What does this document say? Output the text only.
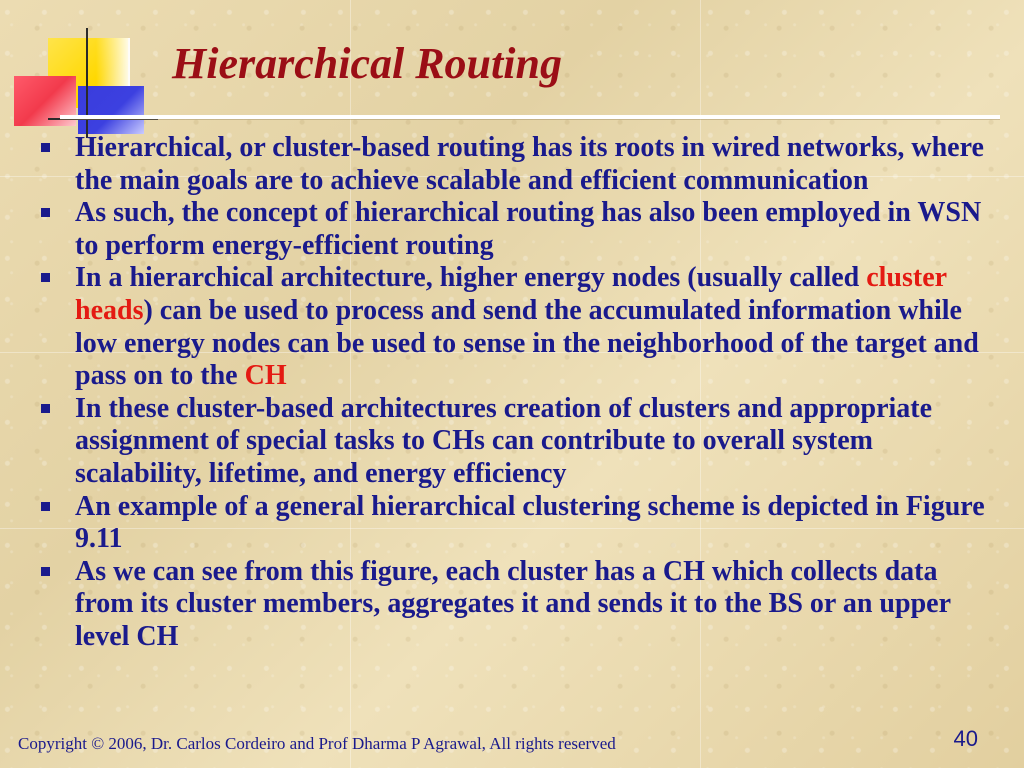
Hierarchical Routing
Hierarchical, or cluster-based routing has its roots in wired networks, where the main goals are to achieve scalable and efficient communication
As such, the concept of hierarchical routing has also been employed in WSN to perform energy-efficient routing
In a hierarchical architecture, higher energy nodes (usually called cluster heads) can be used to process and send the accumulated information while low energy nodes can be used to sense in the neighborhood of the target and pass on to the CH
In these cluster-based architectures creation of clusters and appropriate assignment of special tasks to CHs can contribute to overall system scalability, lifetime, and energy efficiency
An example of a general hierarchical clustering scheme is depicted in Figure 9.11
As we can see from this figure, each cluster has a CH which collects data from its cluster members, aggregates it and sends it to the BS or an upper level CH
Copyright © 2006, Dr. Carlos Cordeiro and Prof Dharma P Agrawal, All rights reserved	40
